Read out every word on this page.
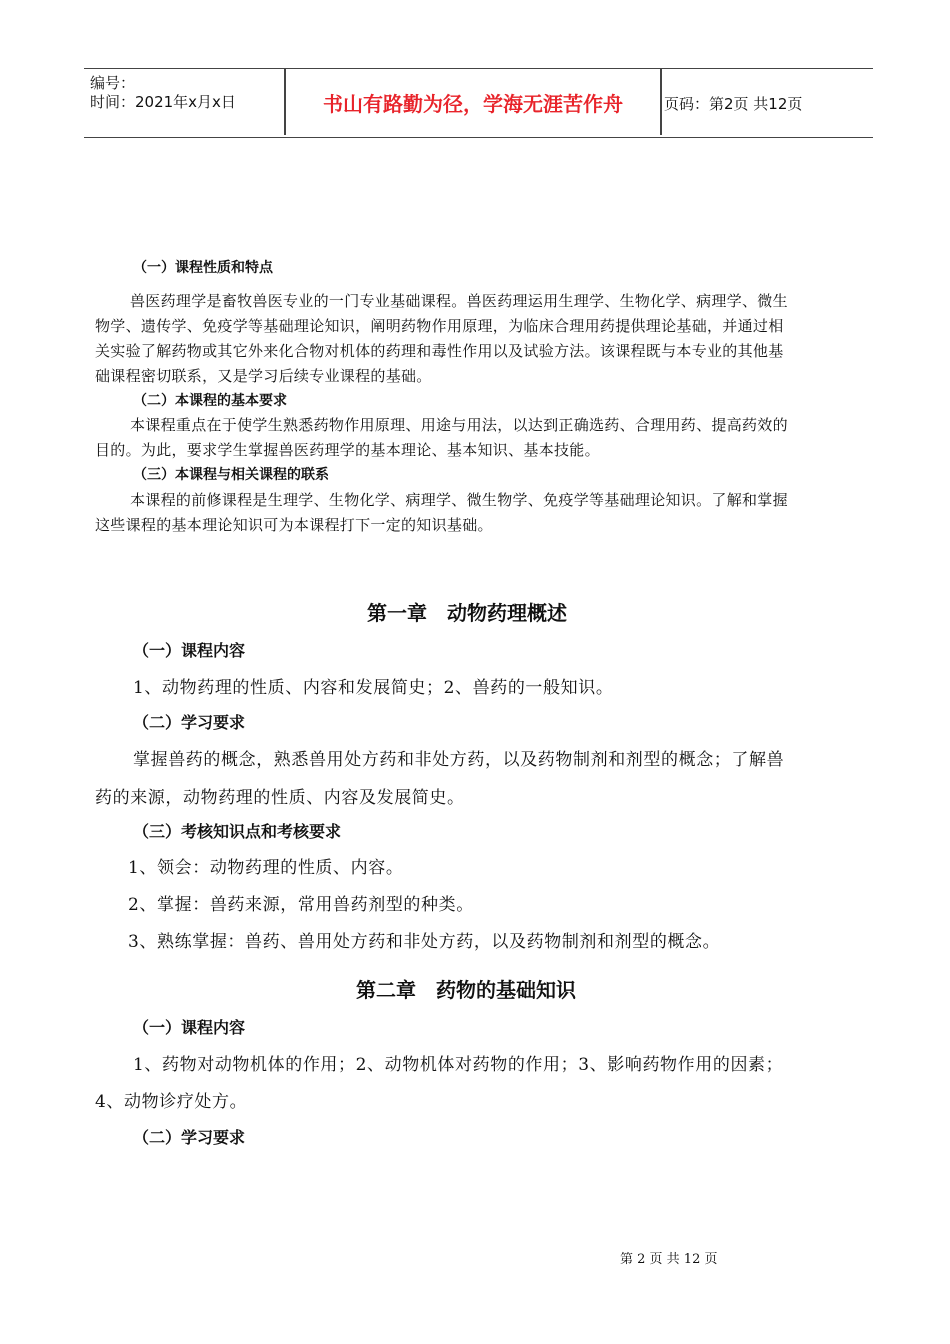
编号：
时间：2021年x月x日	书山有路勤为径，学海无涯苦作舟	页码：第2页 共12页
（一）课程性质和特点
兽医药理学是畜牧兽医专业的一门专业基础课程。兽医药理运用生理学、生物化学、病理学、微生
物学、遗传学、免疫学等基础理论知识，阐明药物作用原理，为临床合理用药提供理论基础，并通过相
关实验了解药物或其它外来化合物对机体的药理和毒性作用以及试验方法。该课程既与本专业的其他基
础课程密切联系，又是学习后续专业课程的基础。
（二）本课程的基本要求
本课程重点在于使学生熟悉药物作用原理、用途与用法，以达到正确选药、合理用药、提高药效的
目的。为此，要求学生掌握兽医药理学的基本理论、基本知识、基本技能。
（三）本课程与相关课程的联系
本课程的前修课程是生理学、生物化学、病理学、微生物学、免疫学等基础理论知识。了解和掌握
这些课程的基本理论知识可为本课程打下一定的知识基础。
第一章　动物药理概述
（一）课程内容
1、动物药理的性质、内容和发展简史；2、兽药的一般知识。
（二）学习要求
掌握兽药的概念，熟悉兽用处方药和非处方药，以及药物制剂和剂型的概念；了解兽
药的来源，动物药理的性质、内容及发展简史。
（三）考核知识点和考核要求
1、领会：动物药理的性质、内容。
2、掌握：兽药来源，常用兽药剂型的种类。
3、熟练掌握：兽药、兽用处方药和非处方药，以及药物制剂和剂型的概念。
第二章　药物的基础知识
（一）课程内容
1、药物对动物机体的作用；2、动物机体对药物的作用；3、影响药物作用的因素；
4、动物诊疗处方。
（二）学习要求
第 2 页 共 12 页
